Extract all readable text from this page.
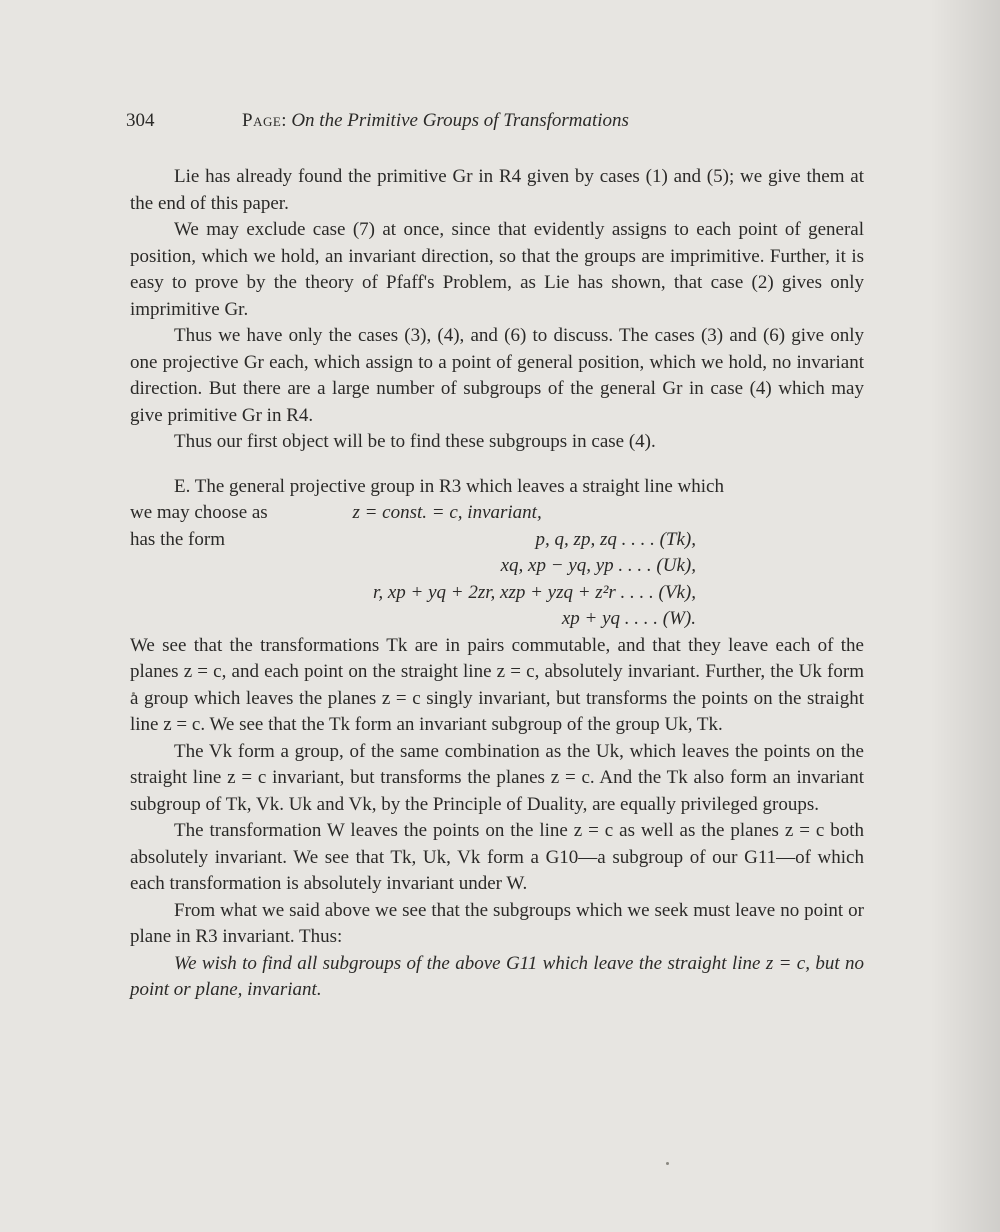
304	Page: On the Primitive Groups of Transformations

Lie has already found the primitive Gr in R4 given by cases (1) and (5); we give them at the end of this paper.

We may exclude case (7) at once, since that evidently assigns to each point of general position, which we hold, an invariant direction, so that the groups are imprimitive. Further, it is easy to prove by the theory of Pfaff's Problem, as Lie has shown, that case (2) gives only imprimitive Gr.

Thus we have only the cases (3), (4), and (6) to discuss. The cases (3) and (6) give only one projective Gr each, which assign to a point of general position, which we hold, no invariant direction. But there are a large number of subgroups of the general Gr in case (4) which may give primitive Gr in R4.

Thus our first object will be to find these subgroups in case (4).

E. The general projective group in R3 which leaves a straight line which

we may choose as	z = const. = c, invariant,

has the form	p, q, zp, zq . . . . (Tk),
xq, xp − yq, yp . . . . (Uk),
r, xp + yq + 2zr, xzp + yzq + z²r . . . . (Vk),
xp + yq . . . . (W).

We see that the transformations Tk are in pairs commutable, and that they leave each of the planes z = c, and each point on the straight line z = c, absolutely invariant. Further, the Uk form a group which leaves the planes z = c singly invariant, but transforms the points on the straight line z = c. We see that the Tk form an invariant subgroup of the group Uk, Tk.

The Vk form a group, of the same combination as the Uk, which leaves the points on the straight line z = c invariant, but transforms the planes z = c. And the Tk also form an invariant subgroup of Tk, Vk. Uk and Vk, by the Principle of Duality, are equally privileged groups.

The transformation W leaves the points on the line z = c as well as the planes z = c both absolutely invariant. We see that Tk, Uk, Vk form a G10—a subgroup of our G11—of which each transformation is absolutely invariant under W.

From what we said above we see that the subgroups which we seek must leave no point or plane in R3 invariant. Thus:

We wish to find all subgroups of the above G11 which leave the straight line z = c, but no point or plane, invariant.
